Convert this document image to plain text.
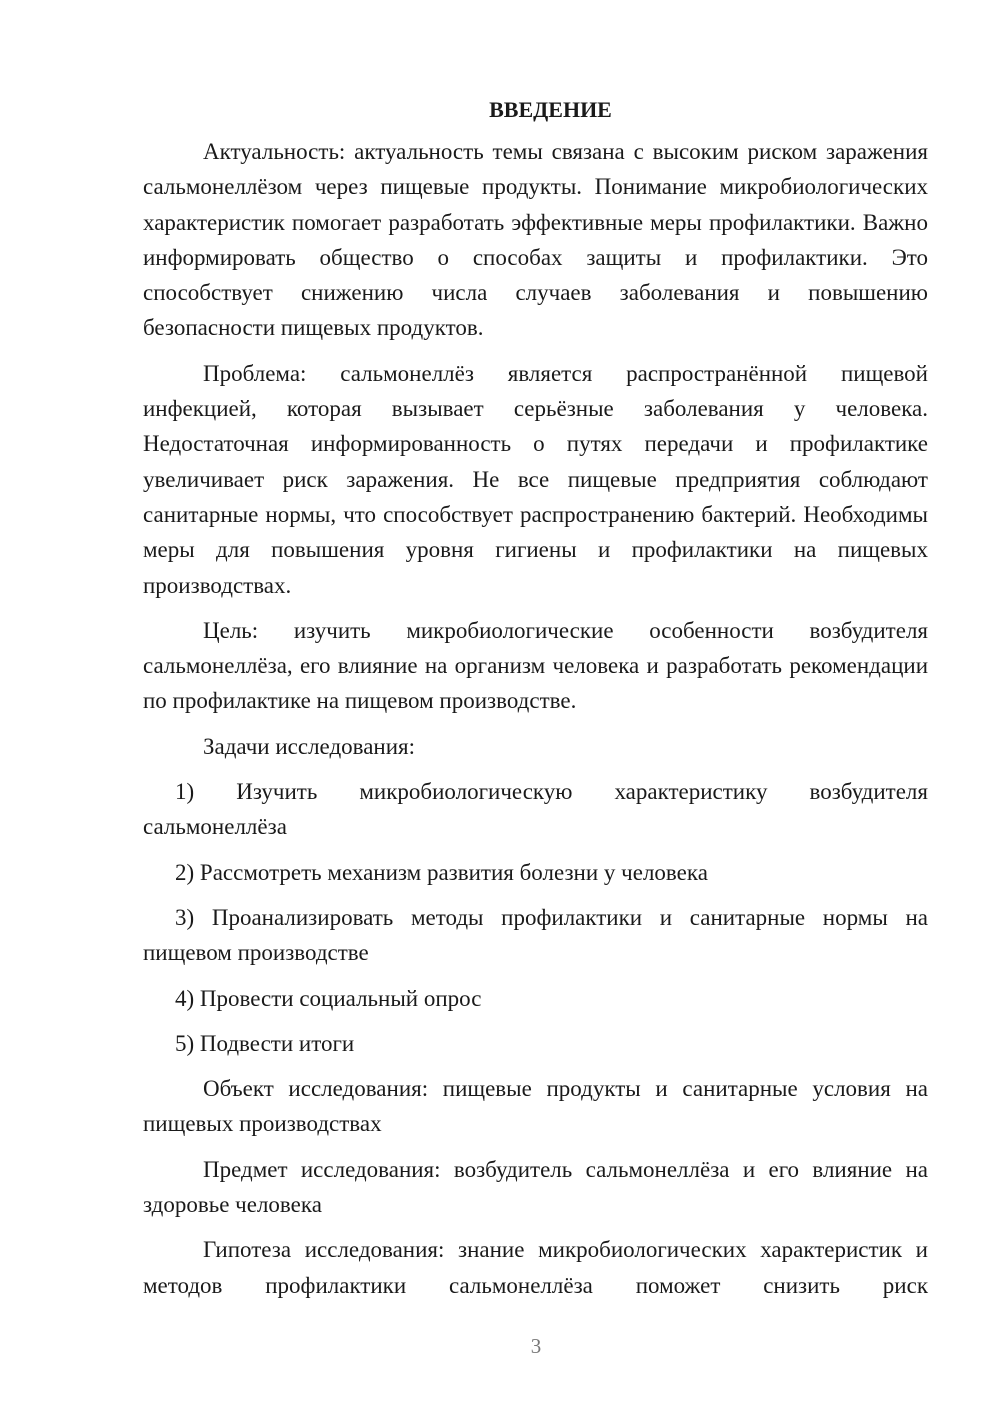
ВВЕДЕНИЕ

Актуальность: актуальность темы связана с высоким риском заражения сальмонеллёзом через пищевые продукты. Понимание микробиологических характеристик помогает разработать эффективные меры профилактики. Важно информировать общество о способах защиты и профилактики. Это способствует снижению числа случаев заболевания и повышению безопасности пищевых продуктов.

Проблема: сальмонеллёз является распространённой пищевой инфекцией, которая вызывает серьёзные заболевания у человека. Недостаточная информированность о путях передачи и профилактике увеличивает риск заражения. Не все пищевые предприятия соблюдают санитарные нормы, что способствует распространению бактерий. Необходимы меры для повышения уровня гигиены и профилактики на пищевых производствах.

Цель: изучить микробиологические особенности возбудителя сальмонеллёза, его влияние на организм человека и разработать рекомендации по профилактике на пищевом производстве.

Задачи исследования:

1) Изучить микробиологическую характеристику возбудителя сальмонеллёза

2) Рассмотреть механизм развития болезни у человека

3) Проанализировать методы профилактики и санитарные нормы на пищевом производстве

4) Провести социальный опрос

5) Подвести итоги

Объект исследования: пищевые продукты и санитарные условия на пищевых производствах

Предмет исследования: возбудитель сальмонеллёза и его влияние на здоровье человека

Гипотеза исследования: знание микробиологических характеристик и методов профилактики сальмонеллёза поможет снизить риск

3
